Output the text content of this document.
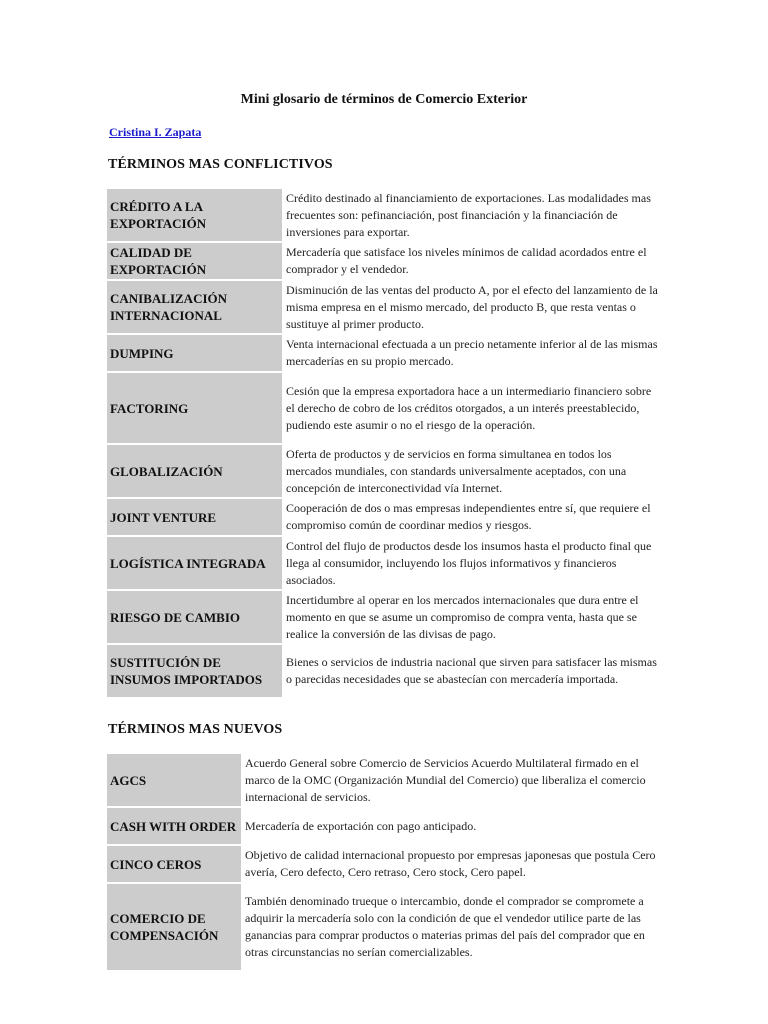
Mini glosario de términos de Comercio Exterior
Cristina I. Zapata
TÉRMINOS MAS CONFLICTIVOS
CRÉDITO A LA EXPORTACIÓN	Crédito destinado al financiamiento de exportaciones. Las modalidades mas frecuentes son: pefinanciación, post financiación y la financiación de inversiones para exportar.
CALIDAD DE EXPORTACIÓN	Mercadería que satisface los niveles mínimos de calidad acordados entre el comprador y el vendedor.
CANIBALIZACIÓN INTERNACIONAL	Disminución de las ventas del producto A, por el efecto del lanzamiento de la misma empresa en el mismo mercado, del producto B, que resta ventas o sustituye al primer producto.
DUMPING	Venta internacional efectuada a un precio netamente inferior al de las mismas mercaderías en su propio mercado.
FACTORING	Cesión que la empresa exportadora hace a un intermediario financiero sobre el derecho de cobro de los créditos otorgados, a un interés preestablecido, pudiendo este asumir o no el riesgo de la operación.
GLOBALIZACIÓN	Oferta de productos y de servicios en forma simultanea en todos los mercados mundiales, con standards universalmente aceptados, con una concepción de interconectividad vía Internet.
JOINT VENTURE	Cooperación de dos o mas empresas independientes entre sí, que requiere el compromiso común de coordinar medios y riesgos.
LOGÍSTICA INTEGRADA	Control del flujo de productos desde los insumos hasta el producto final que llega al consumidor, incluyendo los flujos informativos y financieros asociados.
RIESGO DE CAMBIO	Incertidumbre al operar en los mercados internacionales que dura entre el momento en que se asume un compromiso de compra venta, hasta que se realice la conversión de las divisas de pago.
SUSTITUCIÓN DE INSUMOS IMPORTADOS	Bienes o servicios de industria nacional que sirven para satisfacer las mismas o parecidas necesidades que se abastecían con mercadería importada.
TÉRMINOS MAS NUEVOS
AGCS	Acuerdo General sobre Comercio de Servicios Acuerdo Multilateral firmado en el marco de la OMC (Organización Mundial del Comercio) que liberaliza el comercio internacional de servicios.
CASH WITH ORDER	Mercadería de exportación con pago anticipado.
CINCO CEROS	Objetivo de calidad internacional propuesto por empresas japonesas que postula Cero avería, Cero defecto, Cero retraso, Cero stock, Cero papel.
COMERCIO DE COMPENSACIÓN	También denominado trueque o intercambio, donde el comprador se compromete a adquirir la mercadería solo con la condición de que el vendedor utilice parte de las ganancias para comprar productos o materias primas del país del comprador que en otras circunstancias no serían comercializables.
